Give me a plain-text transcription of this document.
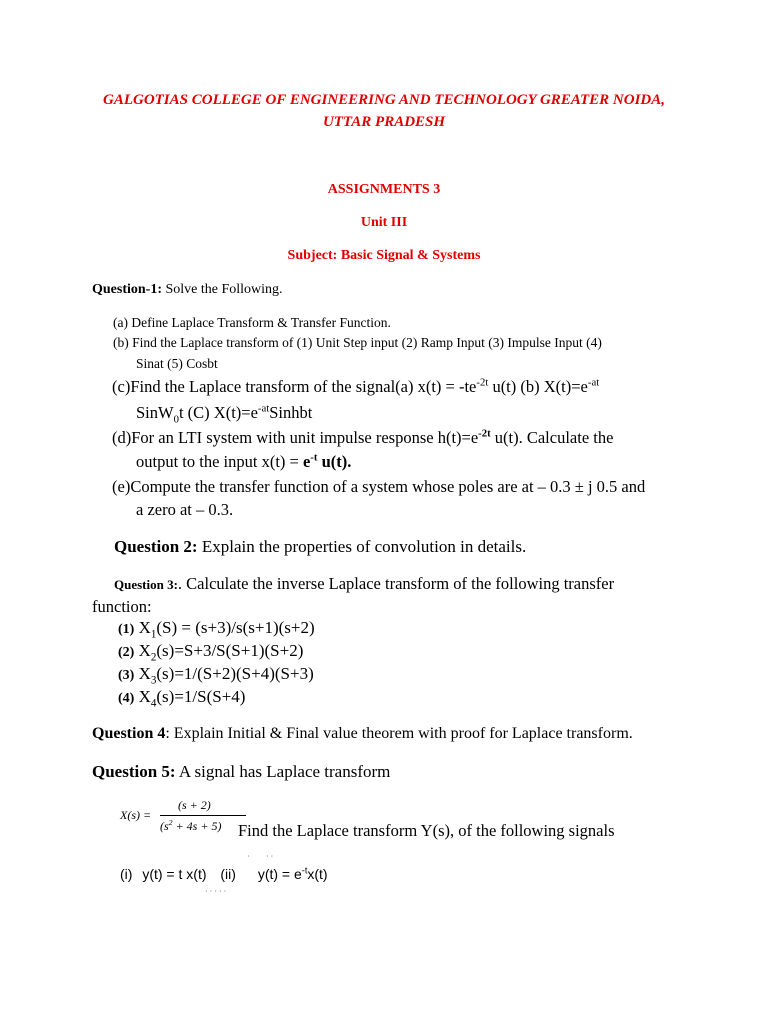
GALGOTIAS COLLEGE OF ENGINEERING AND TECHNOLOGY GREATER NOIDA,
UTTAR PRADESH
ASSIGNMENTS 3
Unit III
Subject: Basic Signal & Systems
Question-1: Solve the Following.
(a) Define Laplace Transform & Transfer Function.
(b) Find the Laplace transform of (1) Unit Step input (2) Ramp Input (3) Impulse Input (4)
Sinat (5) Cosbt
(c)Find the Laplace transform of the signal(a) $x(t) = -te^{-2t}$ u(t) (b) $X(t)=e^{-at}$
SinW$_0$t (C) $X(t)=e^{-at}Sinhbt$
(d)For an LTI system with unit impulse response $h(t)=e^{-2t}$ u(t). Calculate the
output to the input $x(t) = e^{-t}$ u(t).
(e)Compute the transfer function of a system whose poles are at – 0.3 ± j 0.5 and
a zero at – 0.3.
Question 2: Explain the properties of convolution in details.
Question 3:. Calculate the inverse Laplace transform of the following transfer
function:
(1) $X_1(S) = (s+3)/s(s+1)(s+2)$
(2) $X_2(s)=S+3/S(S+1)(S+2)$
(3) $X_3(s)=1/(S+2)(S+4)(S+3)$
(4) $X_4(s)=1/S(S+4)$
Question 4: Explain Initial & Final value theorem with proof for Laplace transform.
Question 5: A signal has Laplace transform
X(s) =
(s + 2)
$(s^2 + 4s + 5)$ Find the Laplace transform Y(s), of the following signals
· · ·
(i) y(t) = t x(t) (ii) $y(t) = e^{-t}x(t)$
· · · · ·
